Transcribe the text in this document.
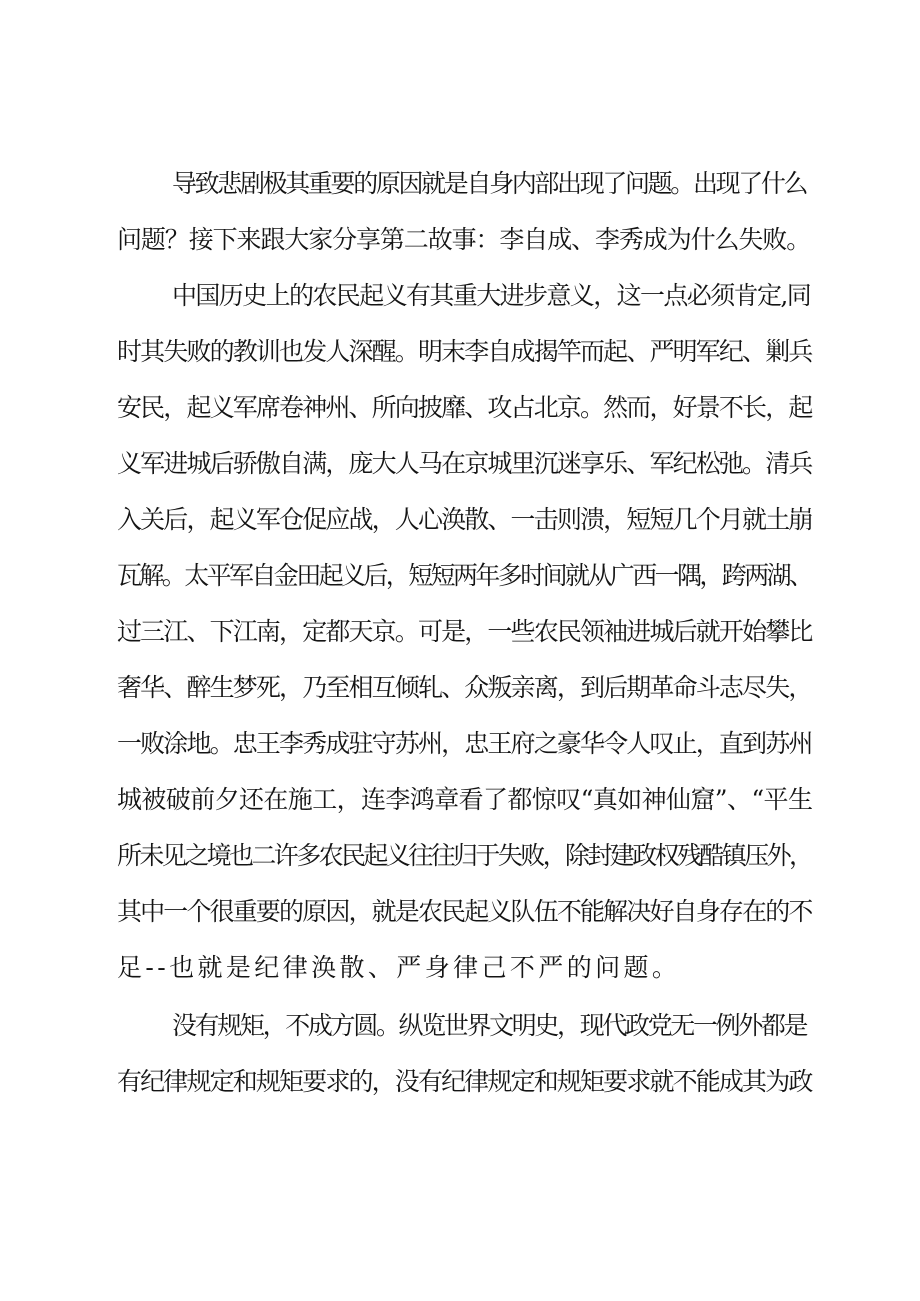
导致悲剧极其重要的原因就是自身内部出现了问题。出现了什么
问题？接下来跟大家分享第二故事：李自成、李秀成为什么失败。
中国历史上的农民起义有其重大进步意义，这一点必须肯定,同
时其失败的教训也发人深醒。明末李自成揭竿而起、严明军纪、剿兵
安民，起义军席卷神州、所向披靡、攻占北京。然而，好景不长，起
义军进城后骄傲自满，庞大人马在京城里沉迷享乐、军纪松弛。清兵
入关后，起义军仓促应战，人心涣散、一击则溃，短短几个月就土崩
瓦解。太平军自金田起义后，短短两年多时间就从广西一隅，跨两湖、
过三江、下江南，定都天京。可是，一些农民领袖进城后就开始攀比
奢华、醉生梦死，乃至相互倾轧、众叛亲离，到后期革命斗志尽失，
一败涂地。忠王李秀成驻守苏州，忠王府之豪华令人叹止，直到苏州
城被破前夕还在施工，连李鸿章看了都惊叹“真如神仙窟”、“平生
所未见之境也二许多农民起义往往归于失败，除封建政权残酷镇压外，
其中一个很重要的原因，就是农民起义队伍不能解决好自身存在的不
足--也就是纪律涣散、严身律己不严的问题。
没有规矩，不成方圆。纵览世界文明史，现代政党无一例外都是
有纪律规定和规矩要求的，没有纪律规定和规矩要求就不能成其为政
